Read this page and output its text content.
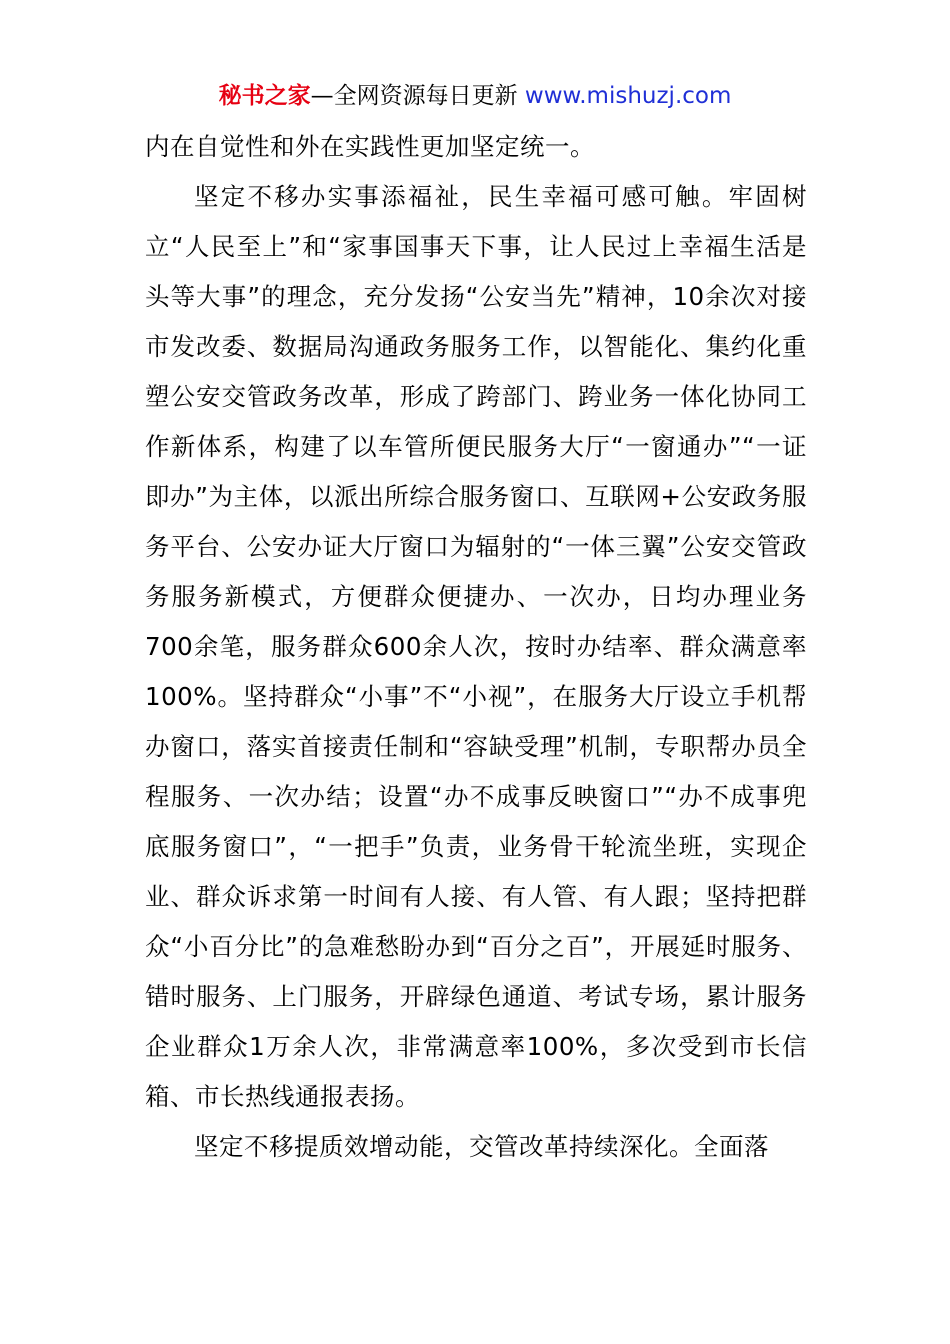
秘书之家—全网资源每日更新 www.mishuzj.com

内在自觉性和外在实践性更加坚定统一。

坚定不移办实事添福祉，民生幸福可感可触。牢固树立“人民至上”和“家事国事天下事，让人民过上幸福生活是头等大事”的理念，充分发扬“公安当先”精神，10余次对接市发改委、数据局沟通政务服务工作，以智能化、集约化重塑公安交管政务改革，形成了跨部门、跨业务一体化协同工作新体系，构建了以车管所便民服务大厅“一窗通办”“一证即办”为主体，以派出所综合服务窗口、互联网+公安政务服务平台、公安办证大厅窗口为辐射的“一体三翼”公安交管政务服务新模式，方便群众便捷办、一次办，日均办理业务700余笔，服务群众600余人次，按时办结率、群众满意率100%。坚持群众“小事”不“小视”，在服务大厅设立手机帮办窗口，落实首接责任制和“容缺受理”机制，专职帮办员全程服务、一次办结；设置“办不成事反映窗口”“办不成事兜底服务窗口”，“一把手”负责，业务骨干轮流坐班，实现企业、群众诉求第一时间有人接、有人管、有人跟；坚持把群众“小百分比”的急难愁盼办到“百分之百”，开展延时服务、错时服务、上门服务，开辟绿色通道、考试专场，累计服务企业群众1万余人次，非常满意率100%，多次受到市长信箱、市长热线通报表扬。

坚定不移提质效增动能，交管改革持续深化。全面落
